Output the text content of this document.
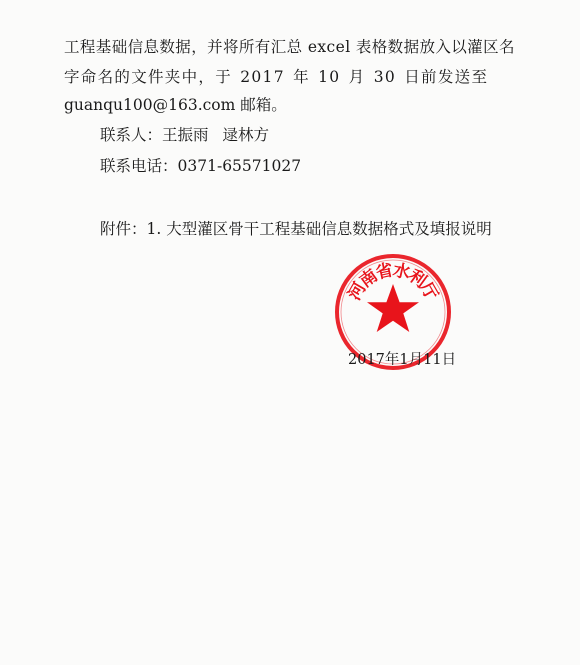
工程基础信息数据，并将所有汇总 excel 表格数据放入以灌区名
字命名的文件夹中，于 2017 年 10 月 30 日前发送至
guanqu100@163.com 邮箱。
联系人：王振雨 逯林方
联系电话：0371-65571027
附件：1. 大型灌区骨干工程基础信息数据格式及填报说明
河
南
省
水
利
厅
2017年1月11日
